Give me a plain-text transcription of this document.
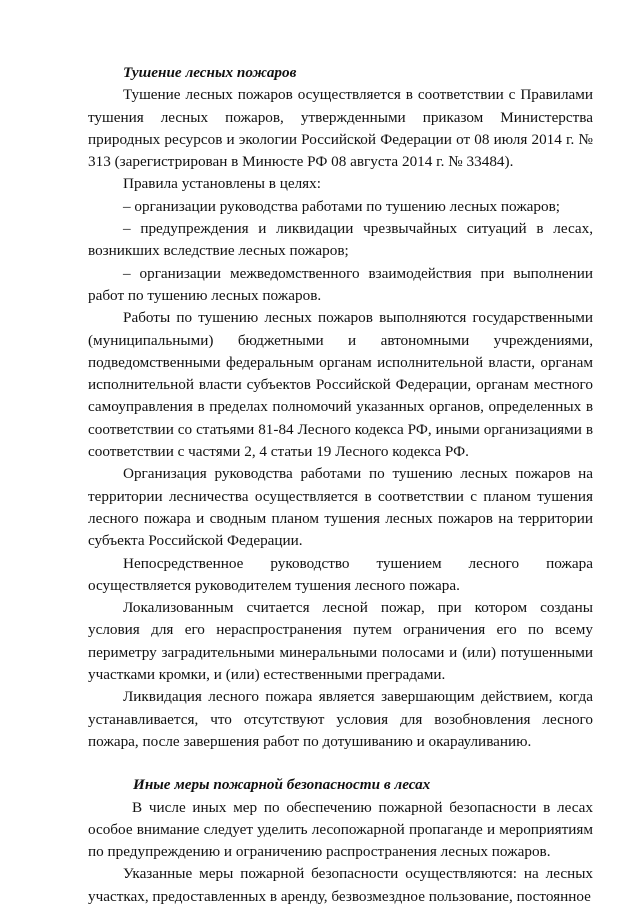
Тушение лесных пожаров

Тушение лесных пожаров осуществляется в соответствии с Правилами тушения лесных пожаров, утвержденными приказом Министерства природных ресурсов и экологии Российской Федерации от 08 июля 2014 г. № 313 (зарегистрирован в Минюсте РФ 08 августа 2014 г. № 33484).

Правила установлены в целях:

– организации руководства работами по тушению лесных пожаров;

– предупреждения и ликвидации чрезвычайных ситуаций в лесах, возникших вследствие лесных пожаров;

– организации межведомственного взаимодействия при выполнении работ по тушению лесных пожаров.

Работы по тушению лесных пожаров выполняются государственными (муниципальными) бюджетными и автономными учреждениями, подведомственными федеральным органам исполнительной власти, органам исполнительной власти субъектов Российской Федерации, органам местного самоуправления в пределах полномочий указанных органов, определенных в соответствии со статьями 81-84 Лесного кодекса РФ, иными организациями в соответствии с частями 2, 4 статьи 19 Лесного кодекса РФ.

Организация руководства работами по тушению лесных пожаров на территории лесничества осуществляется в соответствии с планом тушения лесного пожара и сводным планом тушения лесных пожаров на территории субъекта Российской Федерации.

Непосредственное руководство тушением лесного пожара осуществляется руководителем тушения лесного пожара.

Локализованным считается лесной пожар, при котором созданы условия для его нераспространения путем ограничения его по всему периметру заградительными минеральными полосами и (или) потушенными участками кромки, и (или) естественными преградами.

Ликвидация лесного пожара является завершающим действием, когда устанавливается, что отсутствуют условия для возобновления лесного пожара, после завершения работ по дотушиванию и окарауливанию.

Иные меры пожарной безопасности в лесах

В числе иных мер по обеспечению пожарной безопасности в лесах особое внимание следует уделить лесопожарной пропаганде и мероприятиям по предупреждению и ограничению распространения лесных пожаров.

Указанные меры пожарной безопасности осуществляются: на лесных участках, предоставленных в аренду, безвозмездное пользование, постоянное
